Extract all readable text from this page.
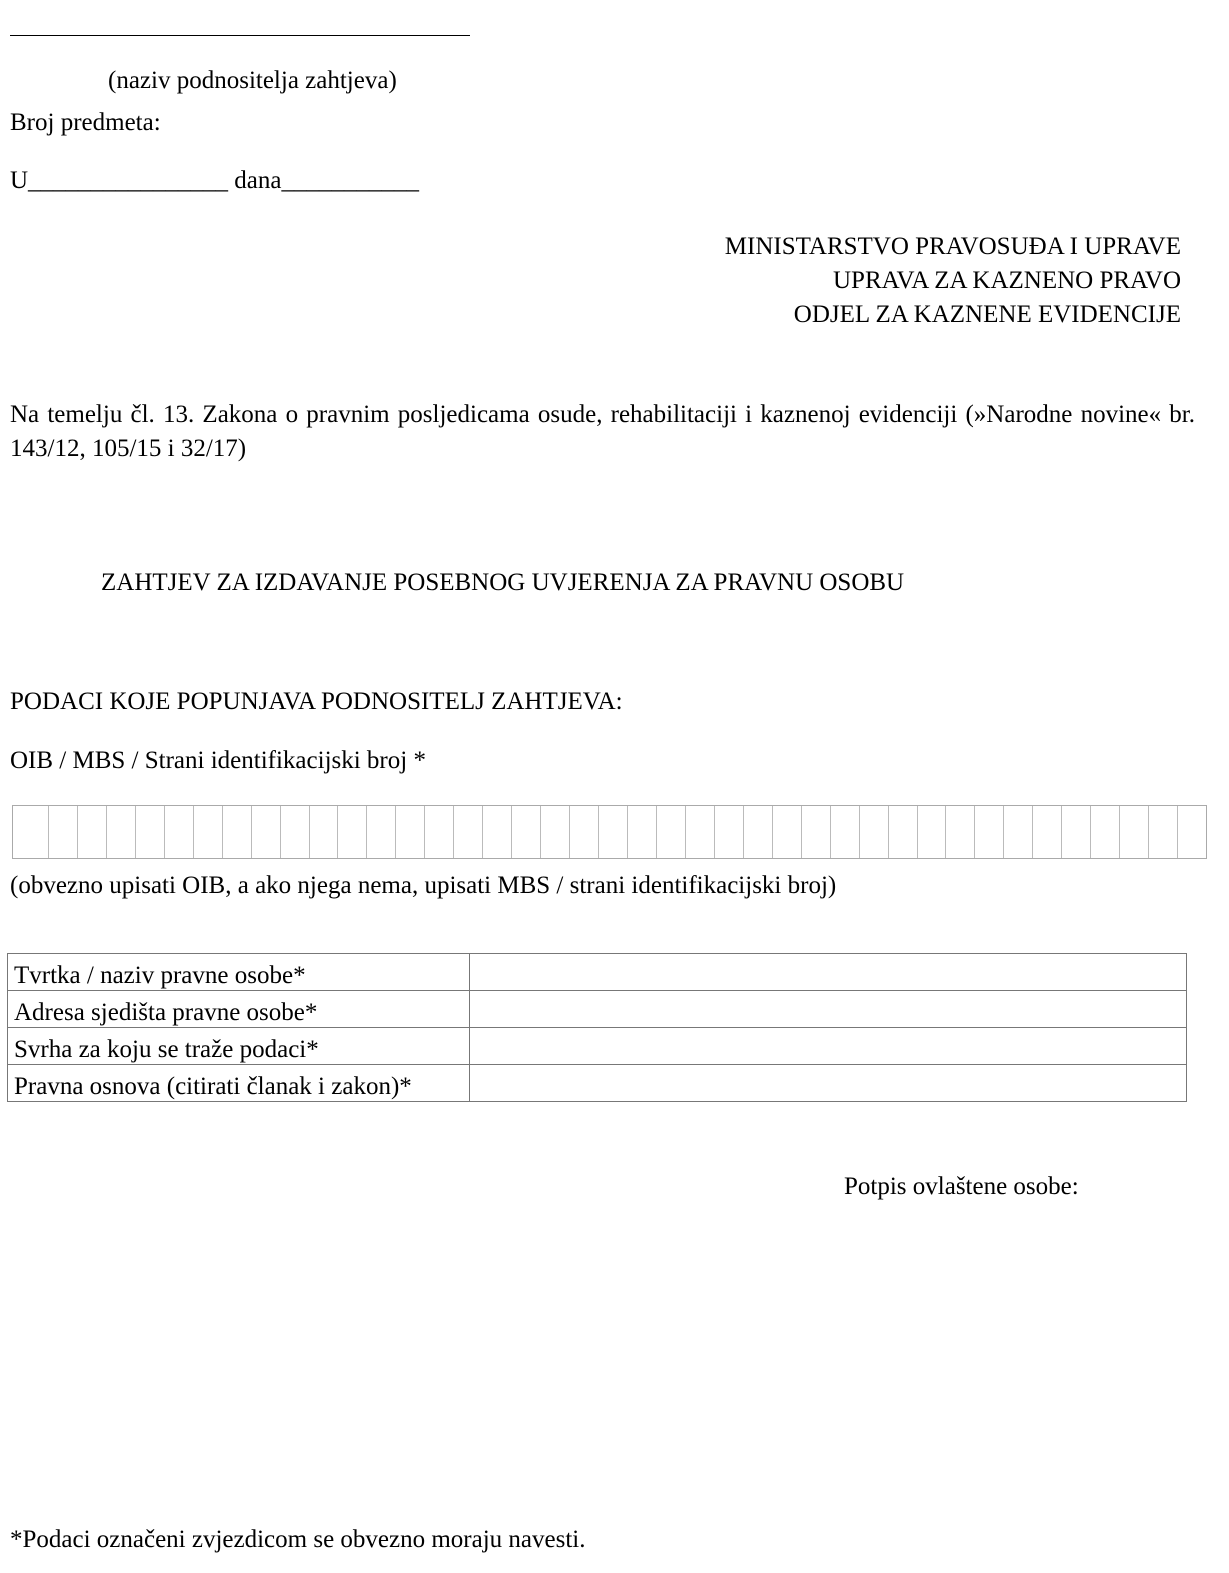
(naziv podnositelja zahtjeva)
Broj predmeta:
U________________ dana___________
MINISTARSTVO PRAVOSUĐA I UPRAVE
UPRAVA ZA KAZNENO PRAVO
ODJEL ZA KAZNENE EVIDENCIJE
Na temelju čl. 13. Zakona o pravnim posljedicama osude, rehabilitaciji i kaznenoj evidenciji (»Narodne novine« br. 143/12, 105/15 i 32/17)
ZAHTJEV ZA IZDAVANJE POSEBNOG UVJERENJA ZA PRAVNU OSOBU
PODACI KOJE POPUNJAVA PODNOSITELJ ZAHTJEVA:
OIB / MBS / Strani identifikacijski broj *
(obvezno upisati OIB, a ako njega nema, upisati MBS / strani identifikacijski broj)
Tvrtka / naziv pravne osobe*	
Adresa sjedišta pravne osobe*	
Svrha za koju se traže podaci*	
Pravna osnova (citirati članak i zakon)*	
Potpis ovlaštene osobe:
*Podaci označeni zvjezdicom se obvezno moraju navesti.
